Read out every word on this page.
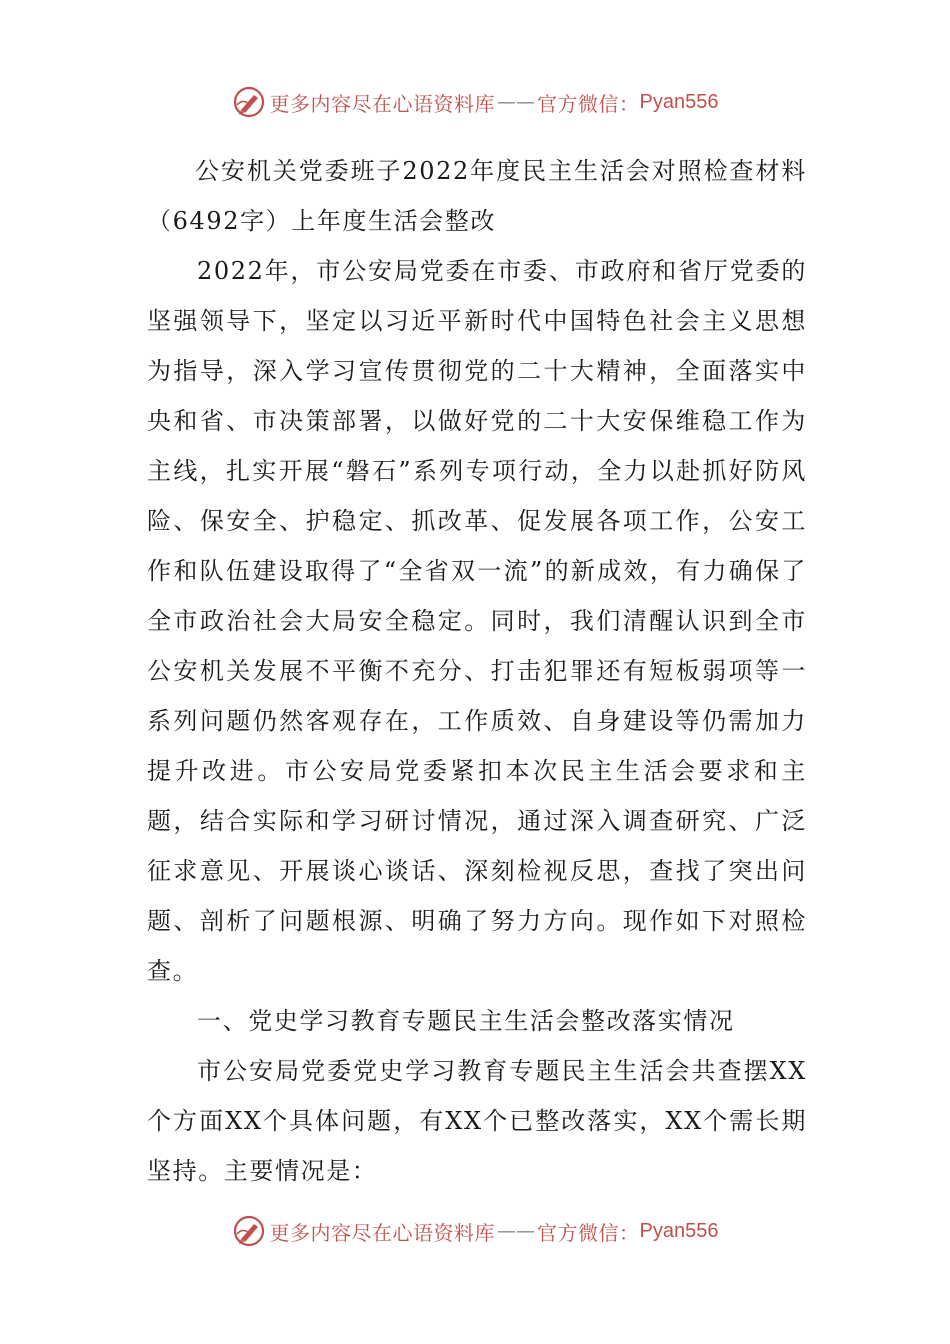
更多内容尽在心语资料库 —— 官方微信： Pyan556

公安机关党委班子2022年度民主生活会对照检查材料（6492字）上年度生活会整改

2022年，市公安局党委在市委、市政府和省厅党委的坚强领导下，坚定以习近平新时代中国特色社会主义思想为指导，深入学习宣传贯彻党的二十大精神，全面落实中央和省、市决策部署，以做好党的二十大安保维稳工作为主线，扎实开展“磐石”系列专项行动，全力以赴抓好防风险、保安全、护稳定、抓改革、促发展各项工作，公安工作和队伍建设取得了“全省双一流”的新成效，有力确保了全市政治社会大局安全稳定。同时，我们清醒认识到全市公安机关发展不平衡不充分、打击犯罪还有短板弱项等一系列问题仍然客观存在，工作质效、自身建设等仍需加力提升改进。市公安局党委紧扣本次民主生活会要求和主题，结合实际和学习研讨情况，通过深入调查研究、广泛征求意见、开展谈心谈话、深刻检视反思，查找了突出问题、剖析了问题根源、明确了努力方向。现作如下对照检查。

一、党史学习教育专题民主生活会整改落实情况

市公安局党委党史学习教育专题民主生活会共查摆XX个方面XX个具体问题，有XX个已整改落实，XX个需长期坚持。主要情况是：

更多内容尽在心语资料库 —— 官方微信： Pyan556
